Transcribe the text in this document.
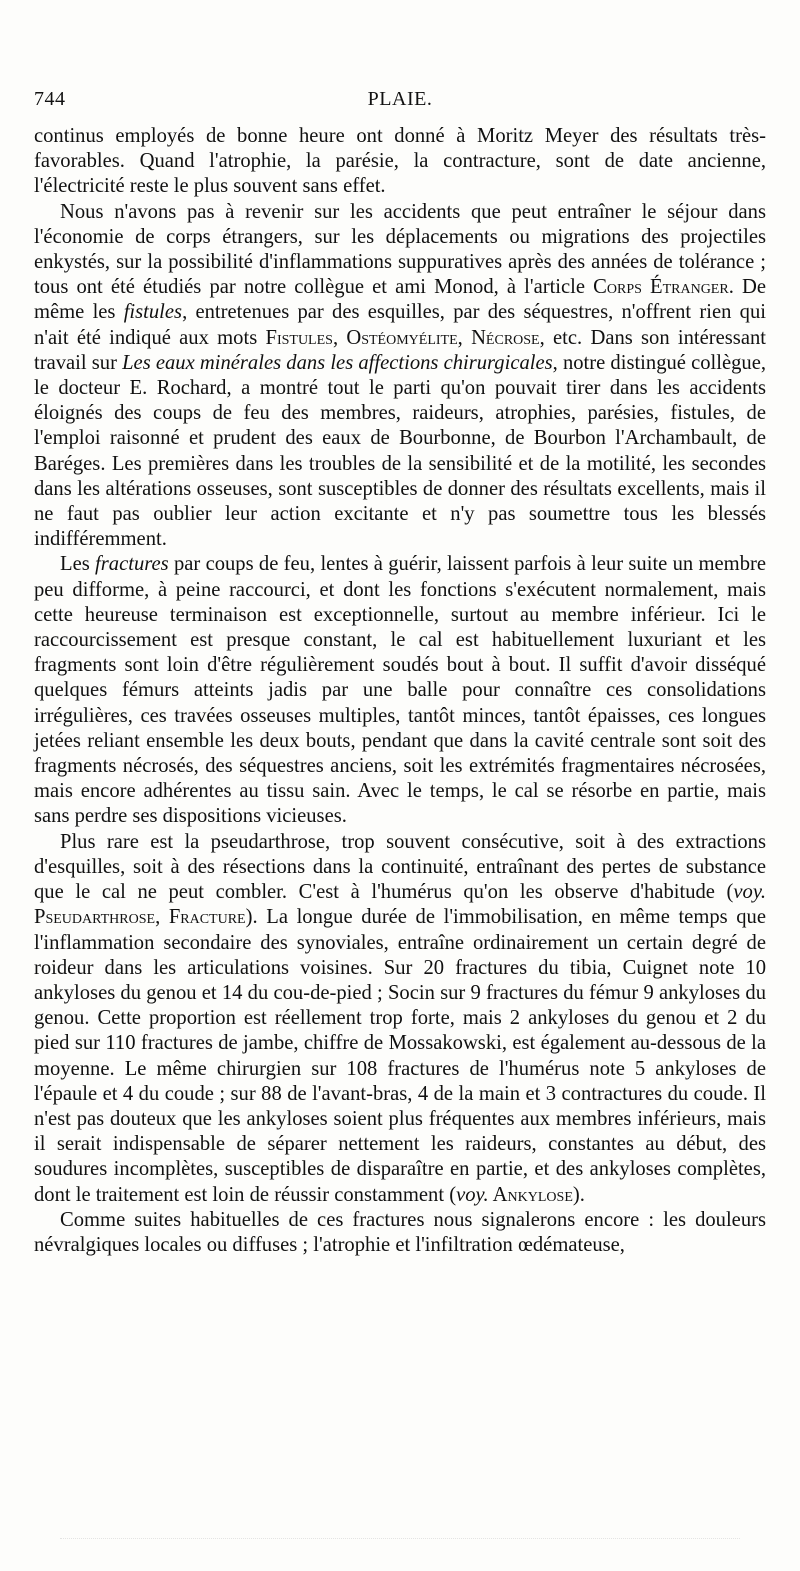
744	PLAIE.

continus employés de bonne heure ont donné à Moritz Meyer des résultats très-favorables. Quand l'atrophie, la parésie, la contracture, sont de date ancienne, l'électricité reste le plus souvent sans effet.

Nous n'avons pas à revenir sur les accidents que peut entraîner le séjour dans l'économie de corps étrangers, sur les déplacements ou migrations des projectiles enkystés, sur la possibilité d'inflammations suppuratives après des années de tolérance ; tous ont été étudiés par notre collègue et ami Monod, à l'article Corps Étranger. De même les fistules, entretenues par des esquilles, par des séquestres, n'offrent rien qui n'ait été indiqué aux mots Fistules, Ostéomyélite, Nécrose, etc. Dans son intéressant travail sur Les eaux minérales dans les affections chirurgicales, notre distingué collègue, le docteur E. Rochard, a montré tout le parti qu'on pouvait tirer dans les accidents éloignés des coups de feu des membres, raideurs, atrophies, parésies, fistules, de l'emploi raisonné et prudent des eaux de Bourbonne, de Bourbon l'Archambault, de Baréges. Les premières dans les troubles de la sensibilité et de la motilité, les secondes dans les altérations osseuses, sont susceptibles de donner des résultats excellents, mais il ne faut pas oublier leur action excitante et n'y pas soumettre tous les blessés indifféremment.

Les fractures par coups de feu, lentes à guérir, laissent parfois à leur suite un membre peu difforme, à peine raccourci, et dont les fonctions s'exécutent normalement, mais cette heureuse terminaison est exceptionnelle, surtout au membre inférieur. Ici le raccourcissement est presque constant, le cal est habituellement luxuriant et les fragments sont loin d'être régulièrement soudés bout à bout. Il suffit d'avoir disséqué quelques fémurs atteints jadis par une balle pour connaître ces consolidations irrégulières, ces travées osseuses multiples, tantôt minces, tantôt épaisses, ces longues jetées reliant ensemble les deux bouts, pendant que dans la cavité centrale sont soit des fragments nécrosés, des séquestres anciens, soit les extrémités fragmentaires nécrosées, mais encore adhérentes au tissu sain. Avec le temps, le cal se résorbe en partie, mais sans perdre ses dispositions vicieuses.

Plus rare est la pseudarthrose, trop souvent consécutive, soit à des extractions d'esquilles, soit à des résections dans la continuité, entraînant des pertes de substance que le cal ne peut combler. C'est à l'humérus qu'on les observe d'habitude (voy. Pseudarthrose, Fracture). La longue durée de l'immobilisation, en même temps que l'inflammation secondaire des synoviales, entraîne ordinairement un certain degré de roideur dans les articulations voisines. Sur 20 fractures du tibia, Cuignet note 10 ankyloses du genou et 14 du cou-de-pied ; Socin sur 9 fractures du fémur 9 ankyloses du genou. Cette proportion est réellement trop forte, mais 2 ankyloses du genou et 2 du pied sur 110 fractures de jambe, chiffre de Mossakowski, est également au-dessous de la moyenne. Le même chirurgien sur 108 fractures de l'humérus note 5 ankyloses de l'épaule et 4 du coude ; sur 88 de l'avant-bras, 4 de la main et 3 contractures du coude. Il n'est pas douteux que les ankyloses soient plus fréquentes aux membres inférieurs, mais il serait indispensable de séparer nettement les raideurs, constantes au début, des soudures incomplètes, susceptibles de disparaître en partie, et des ankyloses complètes, dont le traitement est loin de réussir constamment (voy. Ankylose).

Comme suites habituelles de ces fractures nous signalerons encore : les douleurs névralgiques locales ou diffuses ; l'atrophie et l'infiltration œdémateuse,
